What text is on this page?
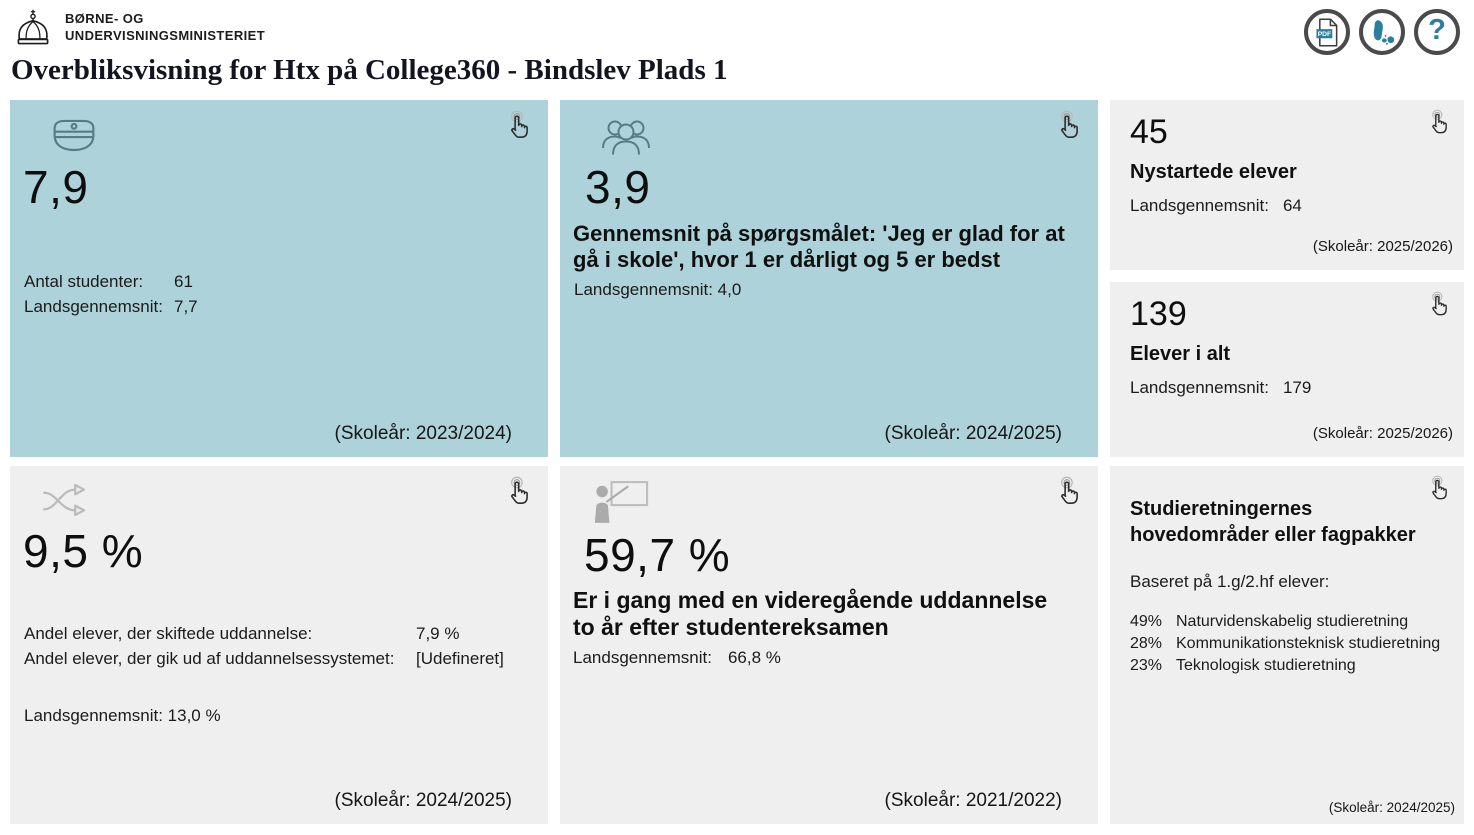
BØRNE- OG
UNDERVISNINGSMINISTERIET	PDF	?
Overbliksvisning for Htx på College360 - Bindslev Plads 1
7,9
Antal studenter:	61
Landsgennemsnit: 7,7
(Skoleår: 2023/2024)
3,9
Gennemsnit på spørgsmålet: 'Jeg er glad for at gå i skole', hvor 1 er dårligt og 5 er bedst
Landsgennemsnit: 4,0
(Skoleår: 2024/2025)
45
Nystartede elever
Landsgennemsnit: 64
(Skoleår: 2025/2026)
139
Elever i alt
Landsgennemsnit: 179
(Skoleår: 2025/2026)
9,5 %
Andel elever, der skiftede uddannelse:	7,9 %
Andel elever, der gik ud af uddannelsessystemet:	[Udefineret]
Landsgennemsnit: 13,0 %
(Skoleår: 2024/2025)
59,7 %
Er i gang med en videregående uddannelse to år efter studentereksamen
Landsgennemsnit: 66,8 %
(Skoleår: 2021/2022)
Studieretningernes hovedområder eller fagpakker
Baseret på 1.g/2.hf elever:
49% Naturvidenskabelig studieretning
28% Kommunikationsteknisk studieretning
23% Teknologisk studieretning
(Skoleår: 2024/2025)
